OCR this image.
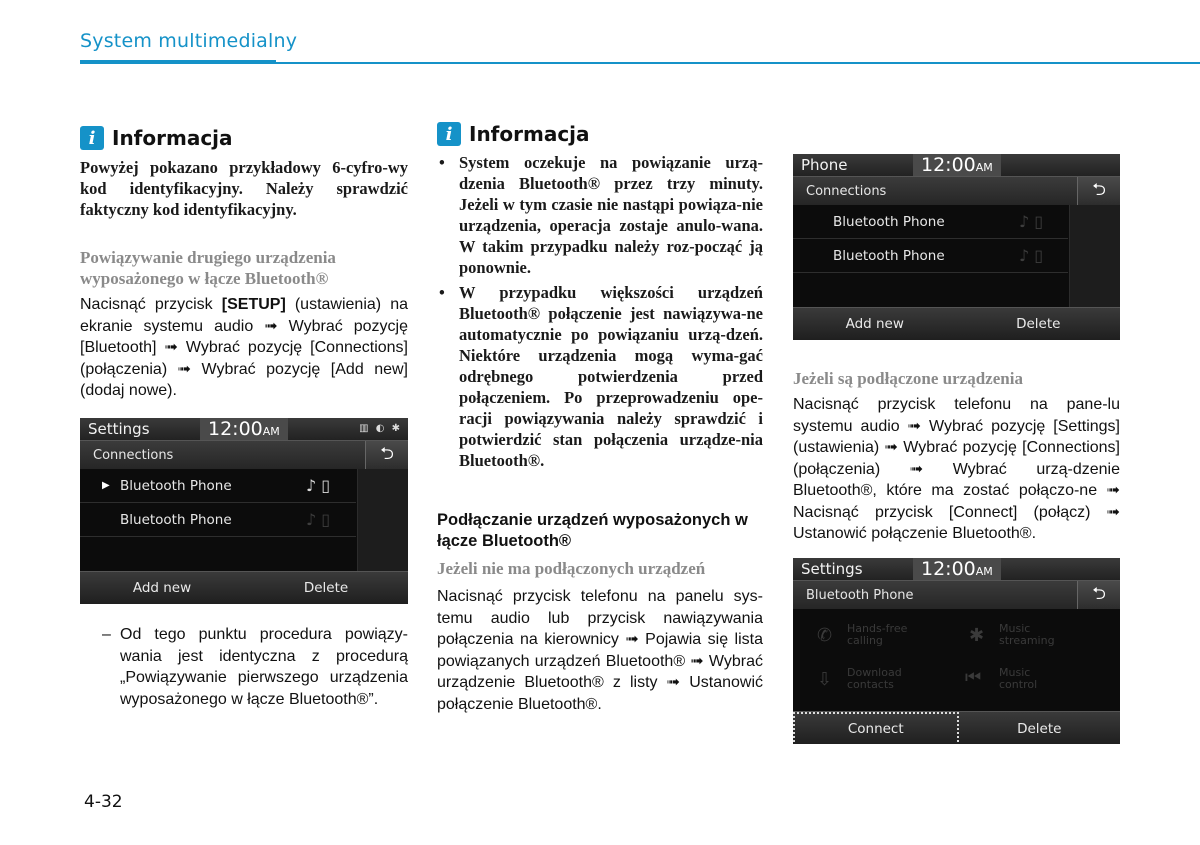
System multimedialny
i Informacja
Powyżej pokazano przykładowy 6-cyfro-wy kod identyfikacyjny. Należy sprawdzić faktyczny kod identyfikacyjny.
Powiązywanie drugiego urządzenia wyposażonego w łącze Bluetooth®
Nacisnąć przycisk [SETUP] (ustawienia) na ekranie systemu audio ➟ Wybrać pozycję [Bluetooth] ➟ Wybrać pozycję [Connections] (połączenia) ➟ Wybrać pozycję [Add new] (dodaj nowe).
Settings	12:00AM	▥ ◐ ✱
Connections	⮌
▶ Bluetooth Phone	♪ ▯
Bluetooth Phone	♪ ▯
Add new	Delete
– Od tego punktu procedura powiązy-wania jest identyczna z procedurą „Powiązywanie pierwszego urządzenia wyposażonego w łącze Bluetooth®”.
i Informacja
• System oczekuje na powiązanie urzą-dzenia Bluetooth® przez trzy minuty. Jeżeli w tym czasie nie nastąpi powiąza-nie urządzenia, operacja zostaje anulo-wana. W takim przypadku należy roz-począć ją ponownie.
• W przypadku większości urządzeń Bluetooth® połączenie jest nawiązywa-ne automatycznie po powiązaniu urzą-dzeń. Niektóre urządzenia mogą wyma-gać odrębnego potwierdzenia przed połączeniem. Po przeprowadzeniu ope-racji powiązywania należy sprawdzić i potwierdzić stan połączenia urządze-nia Bluetooth®.
Podłączanie urządzeń wyposażonych w łącze Bluetooth®
Jeżeli nie ma podłączonych urządzeń
Nacisnąć przycisk telefonu na panelu sys-temu audio lub przycisk nawiązywania połączenia na kierownicy ➟ Pojawia się lista powiązanych urządzeń Bluetooth® ➟ Wybrać urządzenie Bluetooth® z listy ➟ Ustanowić połączenie Bluetooth®.
Phone	12:00AM
Connections	⮌
Bluetooth Phone	♪ ▯
Bluetooth Phone	♪ ▯
Add new	Delete
Jeżeli są podłączone urządzenia
Nacisnąć przycisk telefonu na pane-lu systemu audio ➟ Wybrać pozycję [Settings] (ustawienia) ➟ Wybrać pozycję [Connections] (połączenia) ➟ Wybrać urzą-dzenie Bluetooth®, które ma zostać połączo-ne ➟ Nacisnąć przycisk [Connect] (połącz) ➟ Ustanowić połączenie Bluetooth®.
Settings	12:00AM
Bluetooth Phone	⮌
✆ Hands-free
calling	✱ Music
streaming
⇩ Download
contacts	⏮ Music
control
Connect	Delete
4-32
